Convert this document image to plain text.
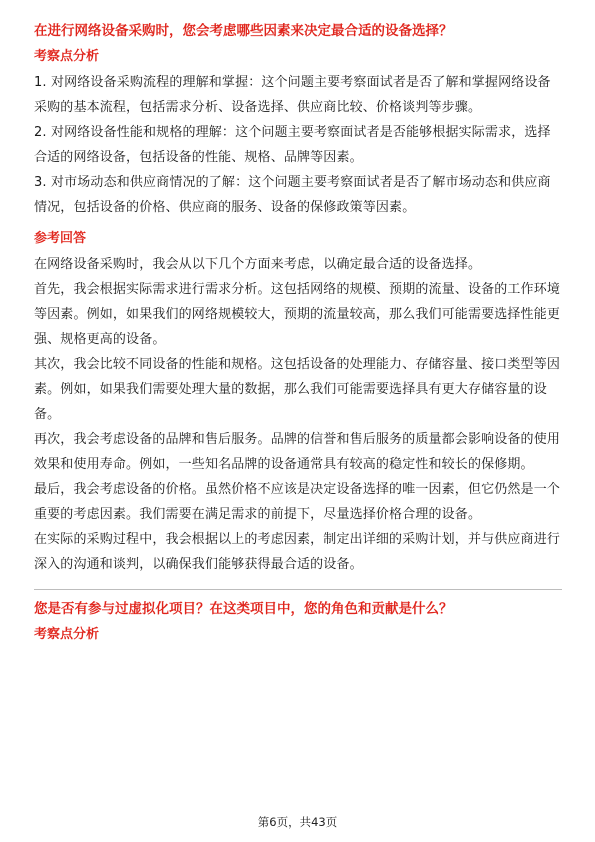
在进行网络设备采购时，您会考虑哪些因素来决定最合适的设备选择？
考察点分析

1. 对网络设备采购流程的理解和掌握：这个问题主要考察面试者是否了解和掌握网络设备采购的基本流程，包括需求分析、设备选择、供应商比较、价格谈判等步骤。

2. 对网络设备性能和规格的理解：这个问题主要考察面试者是否能够根据实际需求，选择合适的网络设备，包括设备的性能、规格、品牌等因素。

3. 对市场动态和供应商情况的了解：这个问题主要考察面试者是否了解市场动态和供应商情况，包括设备的价格、供应商的服务、设备的保修政策等因素。

参考回答

在网络设备采购时，我会从以下几个方面来考虑，以确定最合适的设备选择。

首先，我会根据实际需求进行需求分析。这包括网络的规模、预期的流量、设备的工作环境等因素。例如，如果我们的网络规模较大，预期的流量较高，那么我们可能需要选择性能更强、规格更高的设备。

其次，我会比较不同设备的性能和规格。这包括设备的处理能力、存储容量、接口类型等因素。例如，如果我们需要处理大量的数据，那么我们可能需要选择具有更大存储容量的设备。

再次，我会考虑设备的品牌和售后服务。品牌的信誉和售后服务的质量都会影响设备的使用效果和使用寿命。例如，一些知名品牌的设备通常具有较高的稳定性和较长的保修期。

最后，我会考虑设备的价格。虽然价格不应该是决定设备选择的唯一因素，但它仍然是一个重要的考虑因素。我们需要在满足需求的前提下，尽量选择价格合理的设备。

在实际的采购过程中，我会根据以上的考虑因素，制定出详细的采购计划，并与供应商进行深入的沟通和谈判，以确保我们能够获得最合适的设备。

您是否有参与过虚拟化项目？在这类项目中，您的角色和贡献是什么？
考察点分析
第6页，共43页
